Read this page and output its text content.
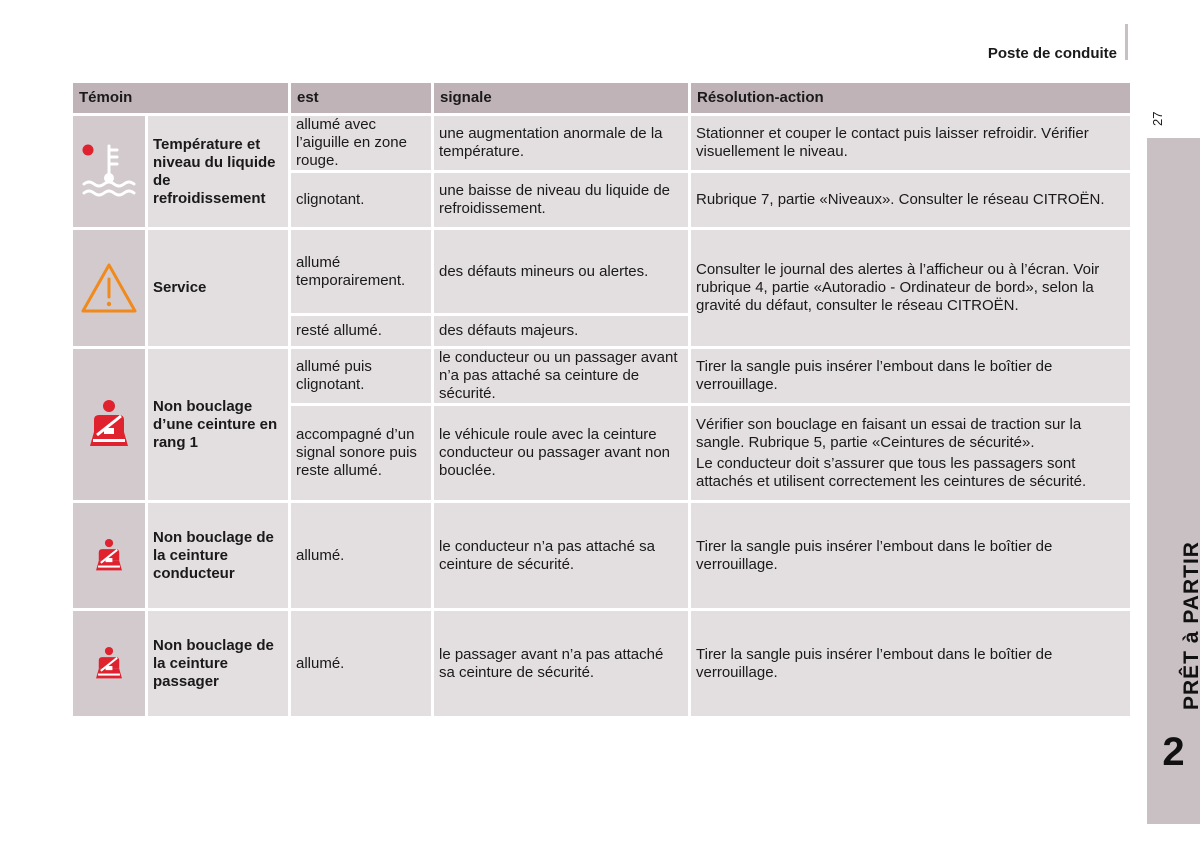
Poste de conduite
27
PRÊT à PARTIR
2
Témoin		est	signale	Résolution-action

	Température et niveau du liquide de refroidissement	allumé avec l’aiguille en zone rouge.	une augmentation anormale de la température.	Stationner et couper le contact puis laisser refroidir. Vérifier visuellement le niveau.
		clignotant.	une baisse de niveau du liquide de refroidissement.	Rubrique 7, partie «Niveaux». Consulter le réseau CITROËN.

	Service	allumé temporairement.	des défauts mineurs ou alertes.	Consulter le journal des alertes à l’afficheur ou à l’écran. Voir rubrique 4, partie «Autoradio - Ordinateur de bord», selon la gravité du défaut, consulter le réseau CITROËN.
		resté allumé.	des défauts majeurs.	

	Non bouclage d’une ceinture en rang 1	allumé puis clignotant.	le conducteur ou un passager avant n’a pas attaché sa ceinture de sécurité.	Tirer la sangle puis insérer l’embout dans le boîtier de verrouillage.
		accompagné d’un signal sonore puis reste allumé.	le véhicule roule avec la ceinture conducteur ou passager avant non bouclée.	Vérifier son bouclage en faisant un essai de traction sur la sangle. Rubrique 5, partie «Ceintures de sécurité».
Le conducteur doit s’assurer que tous les passagers sont attachés et utilisent correctement les ceintures de sécurité.

	Non bouclage de la ceinture conducteur	allumé.	le conducteur n’a pas attaché sa ceinture de sécurité.	Tirer la sangle puis insérer l’embout dans le boîtier de verrouillage.

	Non bouclage de la ceinture passager	allumé.	le passager avant n’a pas attaché sa ceinture de sécurité.	Tirer la sangle puis insérer l’embout dans le boîtier de verrouillage.
